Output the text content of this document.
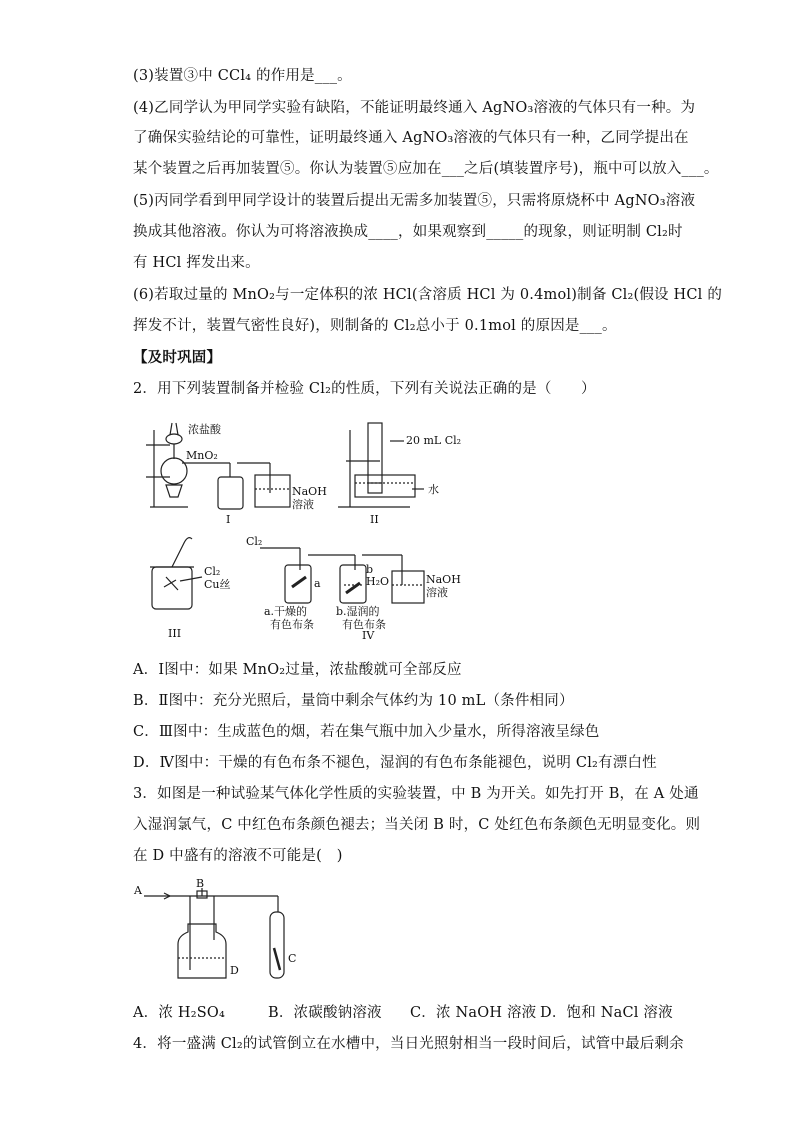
(3)装置③中 CCl₄ 的作用是___。
(4)乙同学认为甲同学实验有缺陷，不能证明最终通入 AgNO₃溶液的气体只有一种。为
了确保实验结论的可靠性，证明最终通入 AgNO₃溶液的气体只有一种，乙同学提出在
某个装置之后再加装置⑤。你认为装置⑤应加在___之后(填装置序号)，瓶中可以放入___。
(5)丙同学看到甲同学设计的装置后提出无需多加装置⑤，只需将原烧杯中 AgNO₃溶液
换成其他溶液。你认为可将溶液换成____，如果观察到_____的现象，则证明制 Cl₂时
有 HCl 挥发出来。
(6)若取过量的 MnO₂与一定体积的浓 HCl(含溶质 HCl 为 0.4mol)制备 Cl₂(假设 HCl 的
挥发不计，装置气密性良好)，则制备的 Cl₂总小于 0.1mol 的原因是___。
【及时巩固】
2．用下列装置制备并检验 Cl₂的性质，下列有关说法正确的是（　　）
浓盐酸
MnO₂
NaOH
溶液
I
20 mL Cl₂
水
II
Cl₂
Cu丝
III
Cl₂
a
b
H₂O	NaOH
溶液
a.干燥的
有色布条
b.湿润的
有色布条
IV
A．Ⅰ图中：如果 MnO₂过量，浓盐酸就可全部反应
B．Ⅱ图中：充分光照后，量筒中剩余气体约为 10 mL（条件相同）
C．Ⅲ图中：生成蓝色的烟，若在集气瓶中加入少量水，所得溶液呈绿色
D．Ⅳ图中：干燥的有色布条不褪色，湿润的有色布条能褪色，说明 Cl₂有漂白性
3．如图是一种试验某气体化学性质的实验装置，中 B 为开关。如先打开 B，在 A 处通
入湿润氯气，C 中红色布条颜色褪去；当关闭 B 时，C 处红色布条颜色无明显变化。则
在 D 中盛有的溶液不可能是(　)
A
B
C
D
A．浓 H₂SO₄	B．浓碳酸钠溶液 C．浓 NaOH 溶液 D．饱和 NaCl 溶液
4．将一盛满 Cl₂的试管倒立在水槽中，当日光照射相当一段时间后，试管中最后剩余
